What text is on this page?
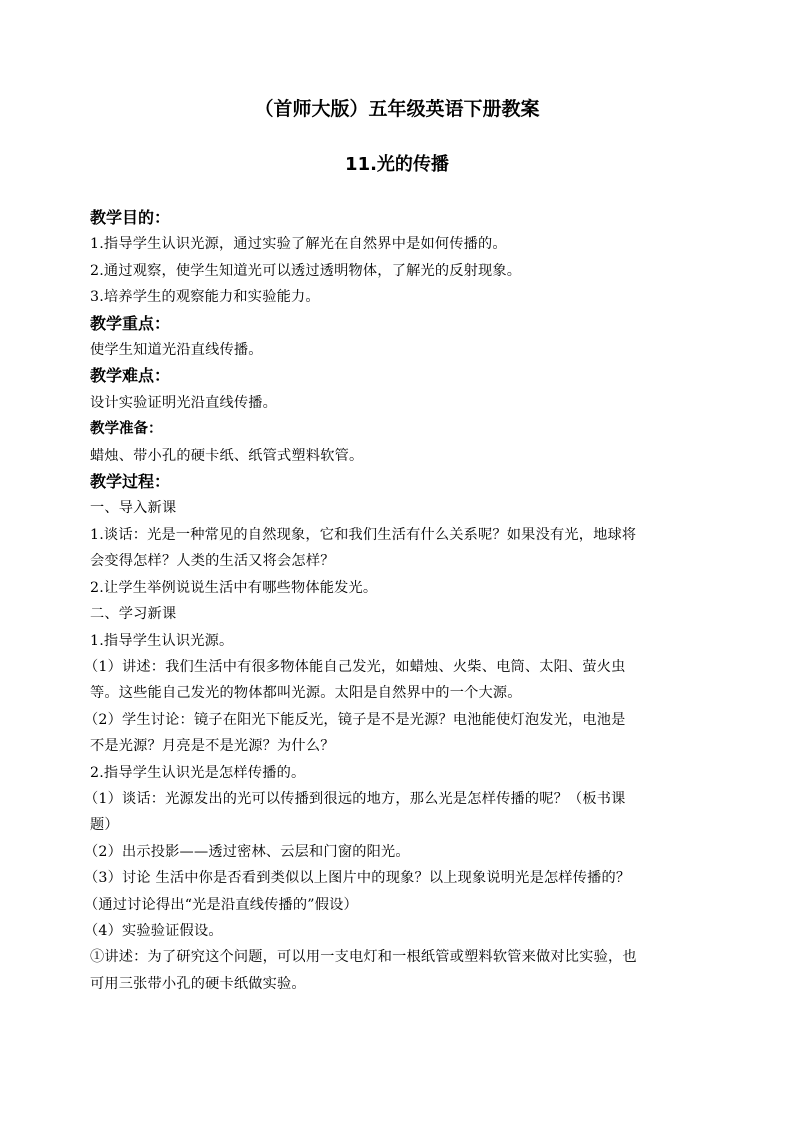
（首师大版）五年级英语下册教案
11.光的传播
教学目的：
1.指导学生认识光源，通过实验了解光在自然界中是如何传播的。
2.通过观察，使学生知道光可以透过透明物体，了解光的反射现象。
3.培养学生的观察能力和实验能力。
教学重点：
使学生知道光沿直线传播。
教学难点：
设计实验证明光沿直线传播。
教学准备：
蜡烛、带小孔的硬卡纸、纸管式塑料软管。
教学过程：
一、导入新课
1.谈话：光是一种常见的自然现象，它和我们生活有什么关系呢？如果没有光，地球将
会变得怎样？人类的生活又将会怎样？
2.让学生举例说说生活中有哪些物体能发光。
二、学习新课
1.指导学生认识光源。
（1）讲述：我们生活中有很多物体能自己发光，如蜡烛、火柴、电筒、太阳、萤火虫
等。这些能自己发光的物体都叫光源。太阳是自然界中的一个大源。
（2）学生讨论：镜子在阳光下能反光，镜子是不是光源？电池能使灯泡发光，电池是
不是光源？月亮是不是光源？为什么？
2.指导学生认识光是怎样传播的。
（1）谈话：光源发出的光可以传播到很远的地方，那么光是怎样传播的呢？（板书课
题）
（2）出示投影——透过密林、云层和门窗的阳光。
（3）讨论 生活中你是否看到类似以上图片中的现象？以上现象说明光是怎样传播的？
（通过讨论得出“光是沿直线传播的”假设）
（4）实验验证假设。
①讲述：为了研究这个问题，可以用一支电灯和一根纸管或塑料软管来做对比实验，也
可用三张带小孔的硬卡纸做实验。
